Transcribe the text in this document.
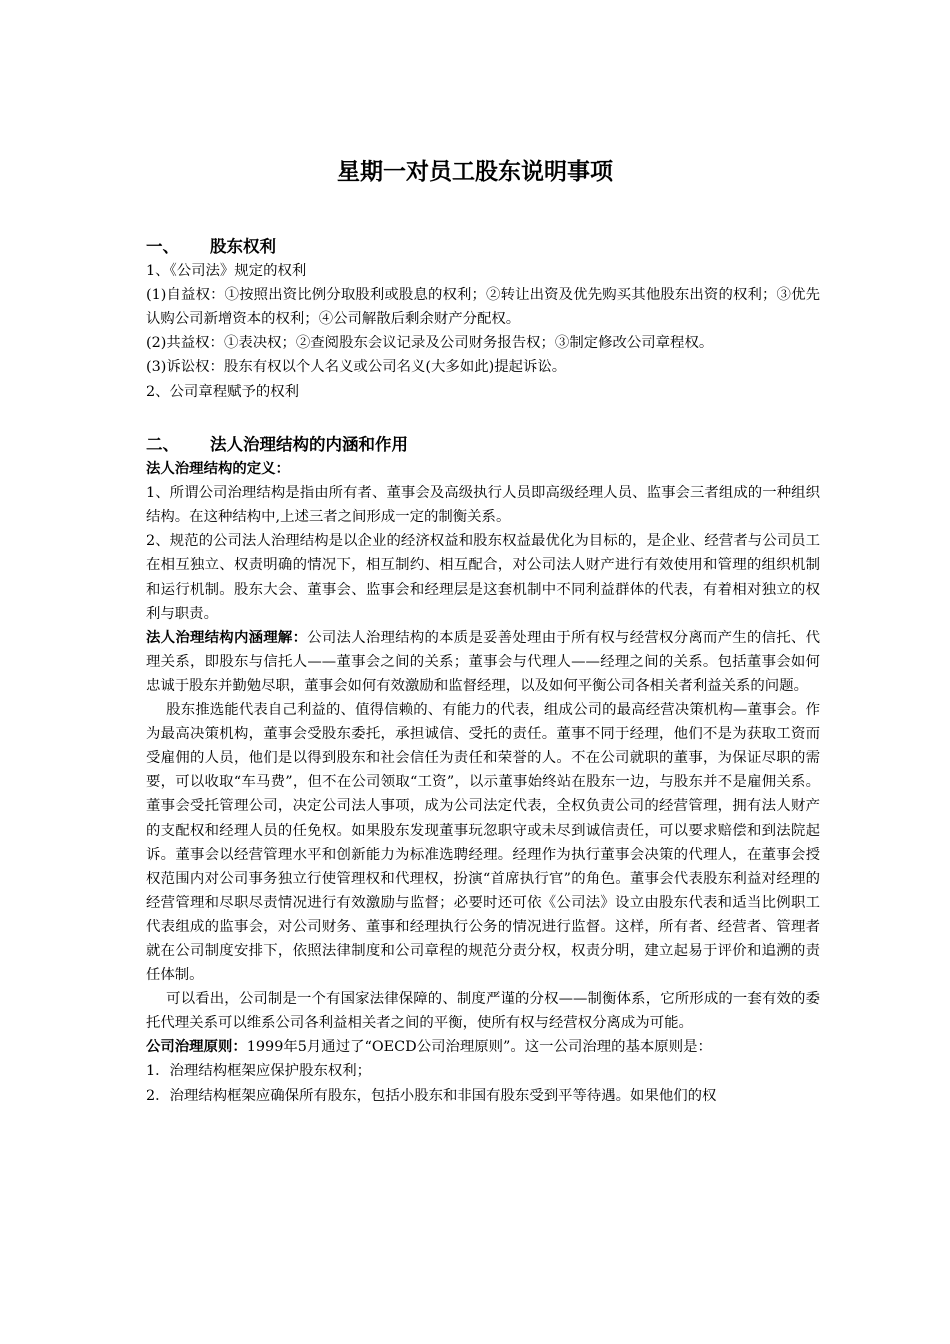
星期一对员工股东说明事项

一、 股东权利

1、《公司法》规定的权利

(1)自益权：①按照出资比例分取股利或股息的权利；②转让出资及优先购买其他股东出资的权利；③优先认购公司新增资本的权利；④公司解散后剩余财产分配权。

(2)共益权：①表决权；②查阅股东会议记录及公司财务报告权；③制定修改公司章程权。

(3)诉讼权：股东有权以个人名义或公司名义(大多如此)提起诉讼。

2、公司章程赋予的权利

二、 法人治理结构的内涵和作用

法人治理结构的定义：

1、所谓公司治理结构是指由所有者、董事会及高级执行人员即高级经理人员、监事会三者组成的一种组织结构。在这种结构中,上述三者之间形成一定的制衡关系。

2、规范的公司法人治理结构是以企业的经济权益和股东权益最优化为目标的，是企业、经营者与公司员工在相互独立、权责明确的情况下，相互制约、相互配合，对公司法人财产进行有效使用和管理的组织机制和运行机制。股东大会、董事会、监事会和经理层是这套机制中不同利益群体的代表，有着相对独立的权利与职责。

法人治理结构内涵理解：公司法人治理结构的本质是妥善处理由于所有权与经营权分离而产生的信托、代理关系，即股东与信托人——董事会之间的关系；董事会与代理人——经理之间的关系。包括董事会如何忠诚于股东并勤勉尽职，董事会如何有效激励和监督经理，以及如何平衡公司各相关者利益关系的问题。

股东推选能代表自己利益的、值得信赖的、有能力的代表，组成公司的最高经营决策机构—董事会。作为最高决策机构，董事会受股东委托，承担诚信、受托的责任。董事不同于经理，他们不是为获取工资而受雇佣的人员，他们是以得到股东和社会信任为责任和荣誉的人。不在公司就职的董事，为保证尽职的需要，可以收取“车马费”，但不在公司领取“工资”，以示董事始终站在股东一边，与股东并不是雇佣关系。董事会受托管理公司，决定公司法人事项，成为公司法定代表，全权负责公司的经营管理，拥有法人财产的支配权和经理人员的任免权。如果股东发现董事玩忽职守或未尽到诚信责任，可以要求赔偿和到法院起诉。董事会以经营管理水平和创新能力为标准选聘经理。经理作为执行董事会决策的代理人，在董事会授权范围内对公司事务独立行使管理权和代理权，扮演“首席执行官”的角色。董事会代表股东利益对经理的经营管理和尽职尽责情况进行有效激励与监督；必要时还可依《公司法》设立由股东代表和适当比例职工代表组成的监事会，对公司财务、董事和经理执行公务的情况进行监督。这样，所有者、经营者、管理者就在公司制度安排下，依照法律制度和公司章程的规范分责分权，权责分明，建立起易于评价和追溯的责任体制。

可以看出，公司制是一个有国家法律保障的、制度严谨的分权——制衡体系，它所形成的一套有效的委托代理关系可以维系公司各利益相关者之间的平衡，使所有权与经营权分离成为可能。

公司治理原则：1999年5月通过了“OECD公司治理原则”。这一公司治理的基本原则是：

1．治理结构框架应保护股东权利；

2．治理结构框架应确保所有股东，包括小股东和非国有股东受到平等待遇。如果他们的权
